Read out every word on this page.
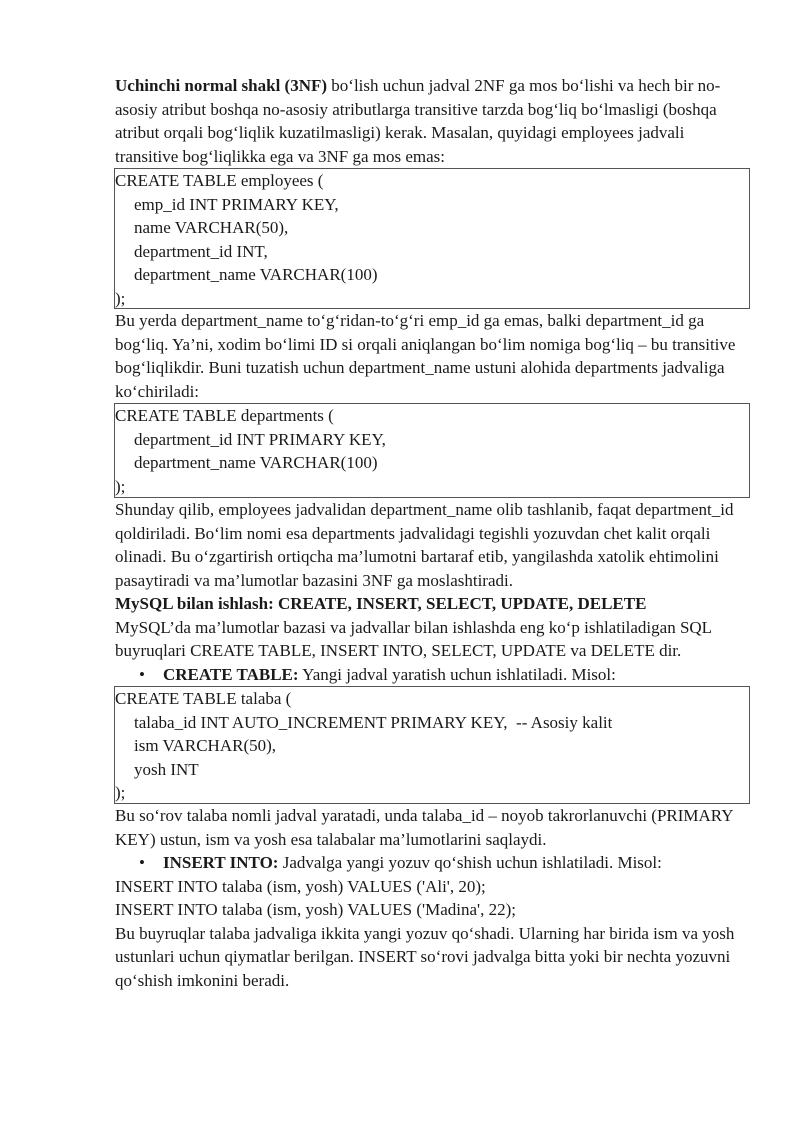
Uchinchi normal shakl (3NF) bo‘lish uchun jadval 2NF ga mos bo‘lishi va hech bir no-asosiy atribut boshqa no-asosiy atributlarga transitive tarzda bog‘liq bo‘lmasligi (boshqa atribut orqali bog‘liqlik kuzatilmasligi) kerak. Masalan, quyidagi employees jadvali transitive bog‘liqlikka ega va 3NF ga mos emas:

CREATE TABLE employees (
emp_id INT PRIMARY KEY,
name VARCHAR(50),
department_id INT,
department_name VARCHAR(100)
);

Bu yerda department_name to‘g‘ridan-to‘g‘ri emp_id ga emas, balki department_id ga bog‘liq. Ya’ni, xodim bo‘limi ID si orqali aniqlangan bo‘lim nomiga bog‘liq – bu transitive bog‘liqlikdir. Buni tuzatish uchun department_name ustuni alohida departments jadvaliga ko‘chiriladi:

CREATE TABLE departments (
department_id INT PRIMARY KEY,
department_name VARCHAR(100)
);

Shunday qilib, employees jadvalidan department_name olib tashlanib, faqat department_id qoldiriladi. Bo‘lim nomi esa departments jadvalidagi tegishli yozuvdan chet kalit orqali olinadi. Bu o‘zgartirish ortiqcha ma’lumotni bartaraf etib, yangilashda xatolik ehtimolini pasaytiradi va ma’lumotlar bazasini 3NF ga moslashtiradi.

MySQL bilan ishlash: CREATE, INSERT, SELECT, UPDATE, DELETE

MySQL’da ma’lumotlar bazasi va jadvallar bilan ishlashda eng ko‘p ishlatiladigan SQL buyruqlari CREATE TABLE, INSERT INTO, SELECT, UPDATE va DELETE dir.

• CREATE TABLE: Yangi jadval yaratish uchun ishlatiladi. Misol:

CREATE TABLE talaba (
talaba_id INT AUTO_INCREMENT PRIMARY KEY,  -- Asosiy kalit
ism VARCHAR(50),
yosh INT
);

Bu so‘rov talaba nomli jadval yaratadi, unda talaba_id – noyob takrorlanuvchi (PRIMARY KEY) ustun, ism va yosh esa talabalar ma’lumotlarini saqlaydi.

• INSERT INTO: Jadvalga yangi yozuv qo‘shish uchun ishlatiladi. Misol:

INSERT INTO talaba (ism, yosh) VALUES ('Ali', 20);

INSERT INTO talaba (ism, yosh) VALUES ('Madina', 22);

Bu buyruqlar talaba jadvaliga ikkita yangi yozuv qo‘shadi. Ularning har birida ism va yosh ustunlari uchun qiymatlar berilgan. INSERT so‘rovi jadvalga bitta yoki bir nechta yozuvni qo‘shish imkonini beradi.
